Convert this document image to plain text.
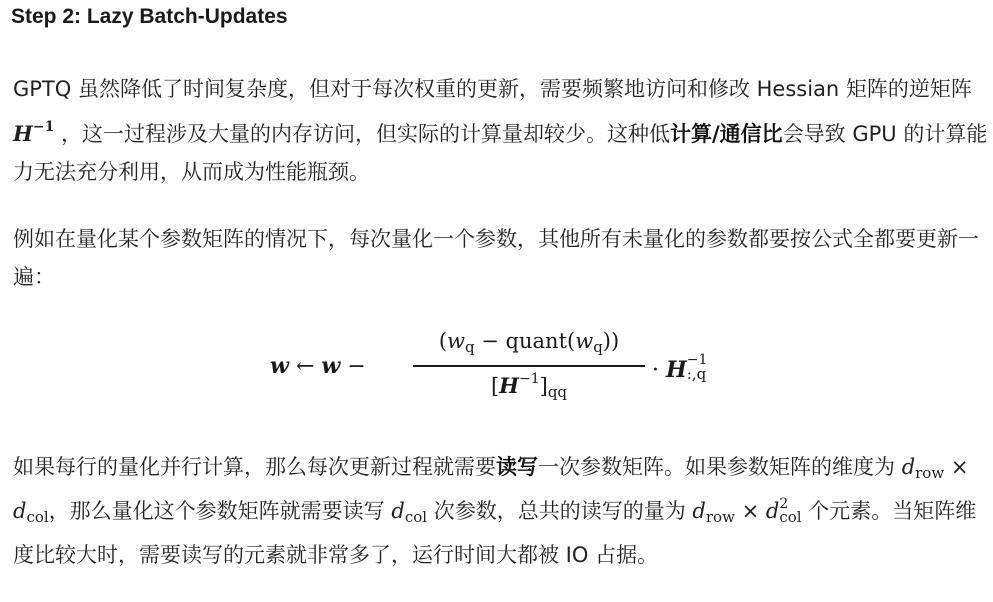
Step 2: Lazy Batch-Updates
GPTQ 虽然降低了时间复杂度，但对于每次权重的更新，需要频繁地访问和修改 Hessian 矩阵的逆矩阵 $H^{-1}$ ，这一过程涉及大量的内存访问，但实际的计算量却较少。这种低计算/通信比会导致 GPU 的计算能力无法充分利用，从而成为性能瓶颈。
例如在量化某个参数矩阵的情况下，每次量化一个参数，其他所有未量化的参数都要按公式全都要更新一遍：
w ← w −
($w_q$ − $quant(w_q)$)
$[H^{-1}]_{qq}$
· H −1
:,q
如果每行的量化并行计算，那么每次更新过程就需要读写一次参数矩阵。如果参数矩阵的维度为 $d_{row} \times d_{col}$，那么量化这个参数矩阵就需要读写 $d_{col}$ 次参数，总共的读写的量为 $d_{row} \times d$ 2
col 个元素。当矩阵维度比较大时，需要读写的元素就非常多了，运行时间大都被 IO 占据。
